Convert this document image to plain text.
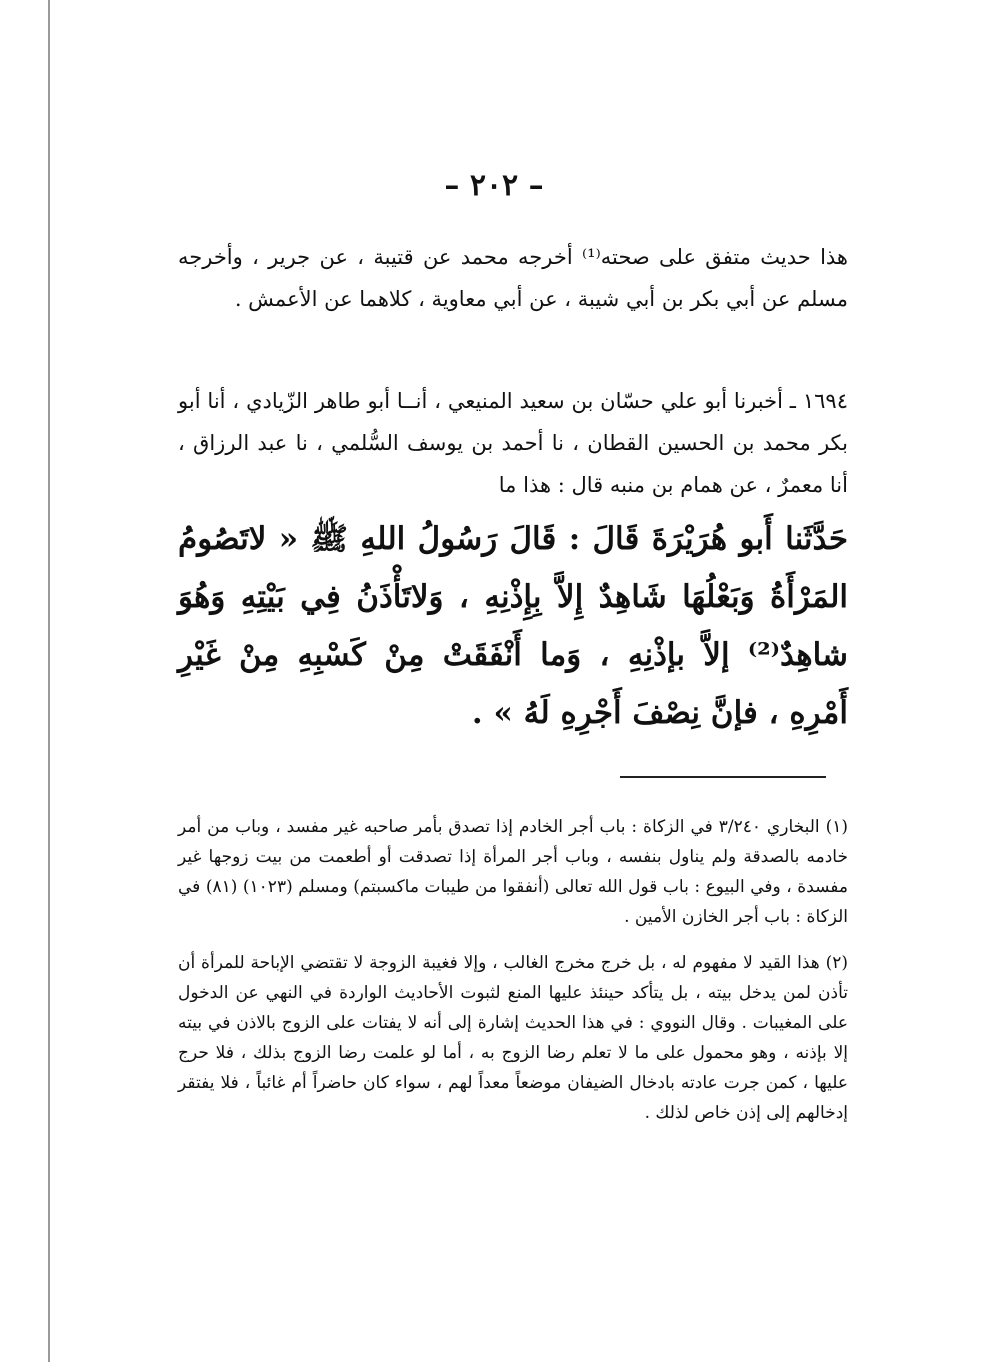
– ٢٠٢ –

هذا حديث متفق على صحته⁽¹⁾ أخرجه محمد عن قتيبة ، عن جرير ، وأخرجه مسلم عن أبي بكر بن أبي شيبة ، عن أبي معاوية ، كلاهما عن الأعمش .

١٦٩٤ ـ أخبرنا أبو علي حسّان بن سعيد المنيعي ، أنــا أبو طاهر الزّيادي ، أنا أبو بكر محمد بن الحسين القطان ، نا أحمد بن يوسف السُّلمي ، نا عبد الرزاق ، أنا معمرٌ ، عن همام بن منبه قال : هذا ما

حَدَّثَنا أَبو هُرَيْرَةَ قَالَ : قَالَ رَسُولُ اللهِ ﷺ « لاتَصُومُ المَرْأَةُ وَبَعْلُهَا شَاهِدٌ إِلاَّ بِإِذْنِهِ ، وَلاتَأْذَنُ فِي بَيْتِهِ وَهُوَ شاهِدٌ⁽²⁾ إلاَّ بإذْنِهِ ، وَما أَنْفَقَتْ مِنْ كَسْبِهِ مِنْ غَيْرِ أَمْرِهِ ، فإنَّ نِصْفَ أَجْرِهِ لَهُ » .

(١) البخاري ٣/٢٤٠ في الزكاة : باب أجر الخادم إذا تصدق بأمر صاحبه غير مفسد ، وباب من أمر خادمه بالصدقة ولم يناول بنفسه ، وباب أجر المرأة إذا تصدقت أو أطعمت من بيت زوجها غير مفسدة ، وفي البيوع : باب قول الله تعالى (أنفقوا من طيبات ماكسبتم) ومسلم (١٠٢٣) (٨١) في الزكاة : باب أجر الخازن الأمين .

(٢) هذا القيد لا مفهوم له ، بل خرج مخرج الغالب ، وإلا فغيبة الزوجة لا تقتضي الإباحة للمرأة أن تأذن لمن يدخل بيته ، بل يتأكد حينئذ عليها المنع لثبوت الأحاديث الواردة في النهي عن الدخول على المغيبات . وقال النووي : في هذا الحديث إشارة إلى أنه لا يفتات على الزوج بالاذن في بيته إلا بإذنه ، وهو محمول على ما لا تعلم رضا الزوج به ، أما لو علمت رضا الزوج بذلك ، فلا حرج عليها ، كمن جرت عادته بادخال الضيفان موضعاً معداً لهم ، سواء كان حاضراً أم غائباً ، فلا يفتقر إدخالهم إلى إذن خاص لذلك .
